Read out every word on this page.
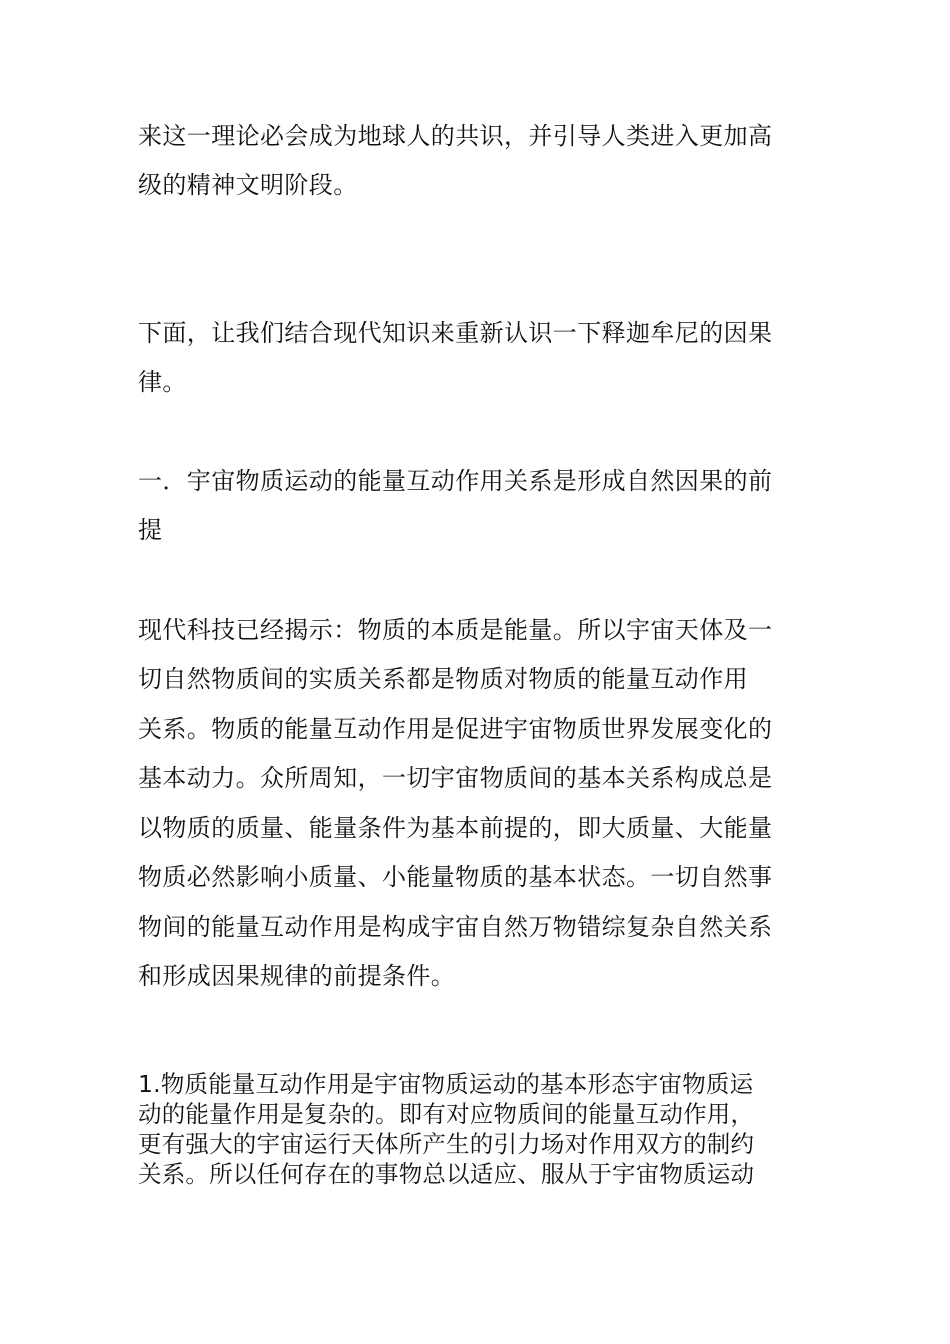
来这一理论必会成为地球人的共识，并引导人类进入更加高

级的精神文明阶段。

下面，让我们结合现代知识来重新认识一下释迦牟尼的因果

律。

一．宇宙物质运动的能量互动作用关系是形成自然因果的前

提

现代科技已经揭示：物质的本质是能量。所以宇宙天体及一

切自然物质间的实质关系都是物质对物质的能量互动作用

关系。物质的能量互动作用是促进宇宙物质世界发展变化的

基本动力。众所周知，一切宇宙物质间的基本关系构成总是

以物质的质量、能量条件为基本前提的，即大质量、大能量

物质必然影响小质量、小能量物质的基本状态。一切自然事

物间的能量互动作用是构成宇宙自然万物错综复杂自然关系

和形成因果规律的前提条件。

1.物质能量互动作用是宇宙物质运动的基本形态宇宙物质运

动的能量作用是复杂的。即有对应物质间的能量互动作用，

更有强大的宇宙运行天体所产生的引力场对作用双方的制约

关系。所以任何存在的事物总以适应、服从于宇宙物质运动
